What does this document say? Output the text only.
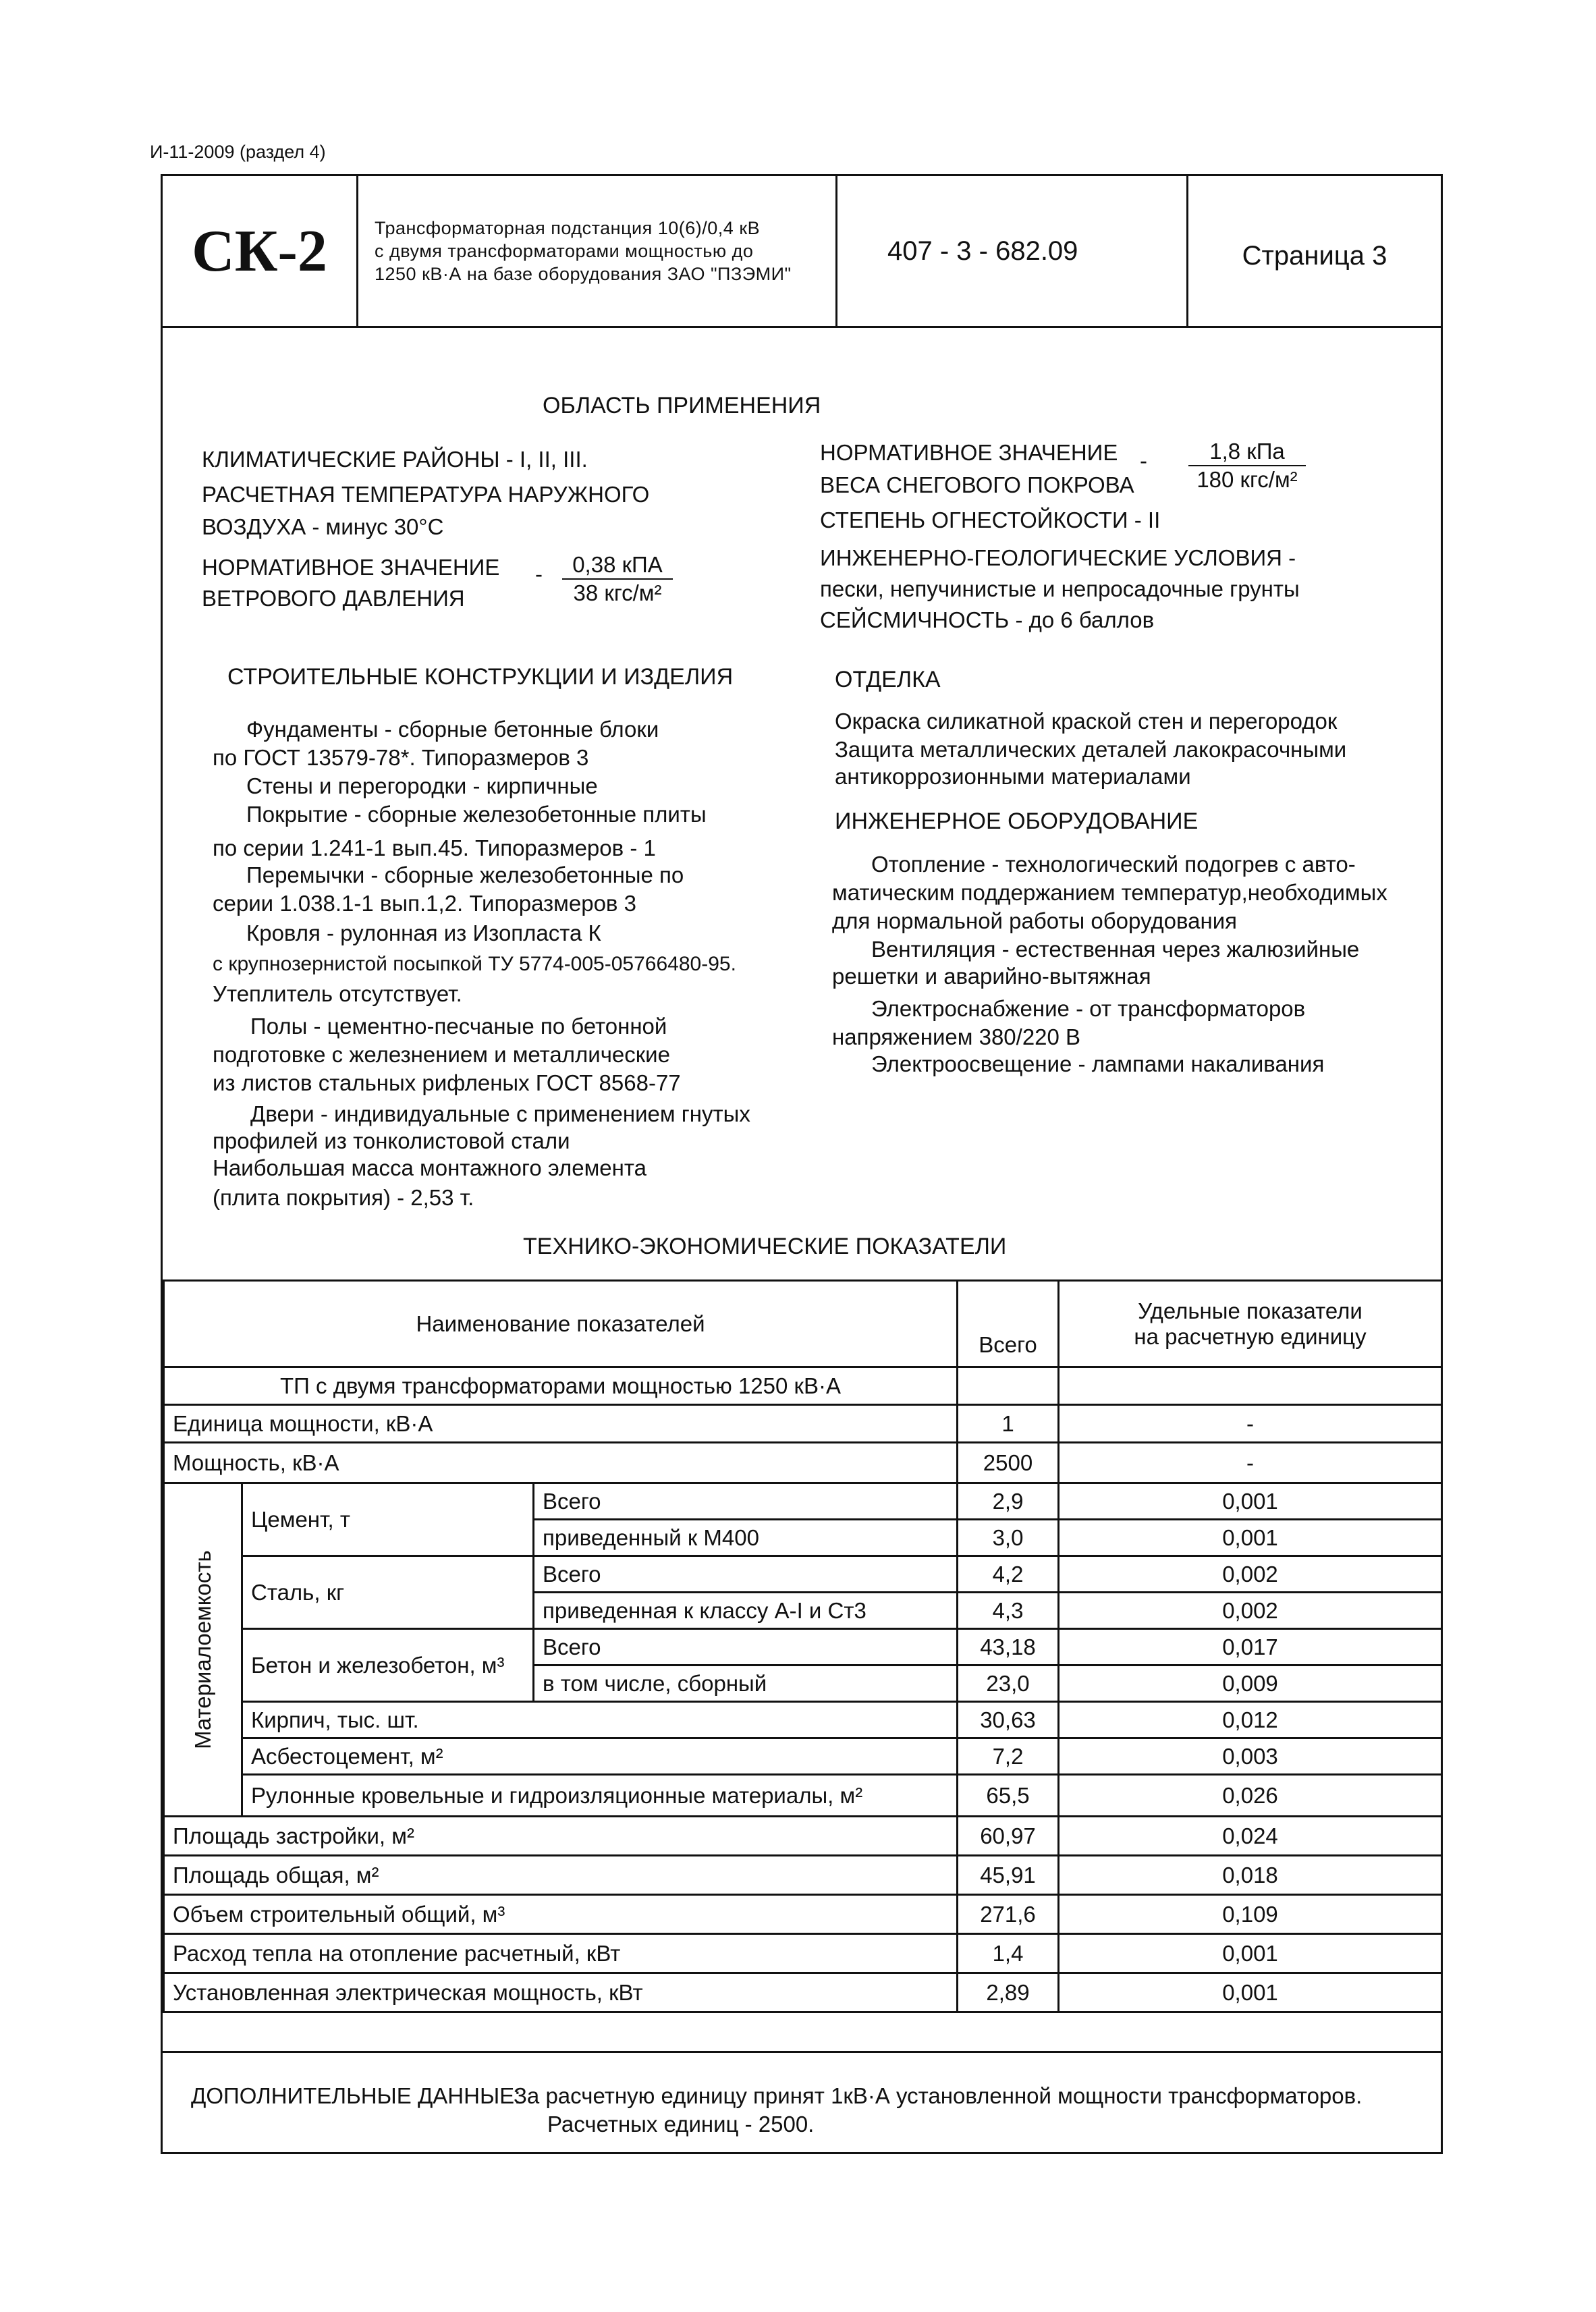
И-11-2009 (раздел 4)
СК-2	Трансформаторная подстанция 10(6)/0,4 кВ
с двумя трансформаторами мощностью до
1250 кВ·А на базе оборудования ЗАО "ПЗЭМИ"
407 - 3 - 682.09	Страница 3
ОБЛАСТЬ ПРИМЕНЕНИЯ
КЛИМАТИЧЕСКИЕ РАЙОНЫ - I, II, III.
РАСЧЕТНАЯ ТЕМПЕРАТУРА НАРУЖНОГО
ВОЗДУХА - минус 30°С
НОРМАТИВНОЕ ЗНАЧЕНИЕ
ВЕТРОВОГО ДАВЛЕНИЯ
-	0,38 кПА
38 кгс/м²
НОРМАТИВНОЕ ЗНАЧЕНИЕ
ВЕСА СНЕГОВОГО ПОКРОВА
-	1,8 кПа
180 кгс/м²
СТЕПЕНЬ ОГНЕСТОЙКОСТИ - II
ИНЖЕНЕРНО-ГЕОЛОГИЧЕСКИЕ УСЛОВИЯ -
пески, непучинистые и непросадочные грунты
СЕЙСМИЧНОСТЬ - до 6 баллов
СТРОИТЕЛЬНЫЕ КОНСТРУКЦИИ И ИЗДЕЛИЯ
Фундаменты - сборные бетонные блоки
по ГОСТ 13579-78*. Типоразмеров 3
Стены и перегородки - кирпичные
Покрытие - сборные железобетонные плиты
по серии 1.241-1 вып.45. Типоразмеров - 1
Перемычки - сборные железобетонные по
серии 1.038.1-1 вып.1,2. Типоразмеров 3
Кровля - рулонная из Изопласта К
с крупнозернистой посыпкой ТУ 5774-005-05766480-95.
Утеплитель отсутствует.
Полы - цементно-песчаные по бетонной
подготовке с железнением и металлические
из листов стальных рифленых ГОСТ 8568-77
Двери - индивидуальные с применением гнутых
профилей из тонколистовой стали
Наибольшая масса монтажного элемента
(плита покрытия) - 2,53 т.
ОТДЕЛКА
Окраска силикатной краской стен и перегородок
Защита металлических деталей лакокрасочными
антикоррозионными материалами
ИНЖЕНЕРНОЕ ОБОРУДОВАНИЕ
Отопление - технологический подогрев с авто-
матическим поддержанием температур,необходимых
для нормальной работы оборудования
Вентиляция - естественная через жалюзийные
решетки и аварийно-вытяжная
Электроснабжение - от трансформаторов
напряжением 380/220 В
Электроосвещение - лампами накаливания
ТЕХНИКО-ЭКОНОМИЧЕСКИЕ ПОКАЗАТЕЛИ
Наименование показателей			Всего	Удельные показатели
на расчетную единицу

ТП с двумя трансформаторами мощностью 1250 кВ·А				
Единица мощности, кВ·А			1	-
Мощность, кВ·А			2500	-
Материалоемкость	Цемент, т	Всего	2,9	0,001
		приведенный к М400	3,0	0,001
	Сталь, кг	Всего	4,2	0,002
		приведенная к классу А-I и Ст3	4,3	0,002
	Бетон и железобетон, м³	Всего	43,18	0,017
		в том числе, сборный	23,0	0,009
	Кирпич, тыс. шт.		30,63	0,012
	Асбестоцемент, м²		7,2	0,003
	Рулонные кровельные и гидроизляционные материалы, м²		65,5	0,026
Площадь застройки, м²			60,97	0,024
Площадь общая, м²			45,91	0,018
Объем строительный общий, м³			271,6	0,109
Расход тепла на отопление расчетный, кВт			1,4	0,001
Установленная электрическая мощность, кВт			2,89	0,001
ДОПОЛНИТЕЛЬНЫЕ ДАННЫЕ:
За расчетную единицу принят 1кВ·А установленной мощности трансформаторов.
Расчетных единиц - 2500.
